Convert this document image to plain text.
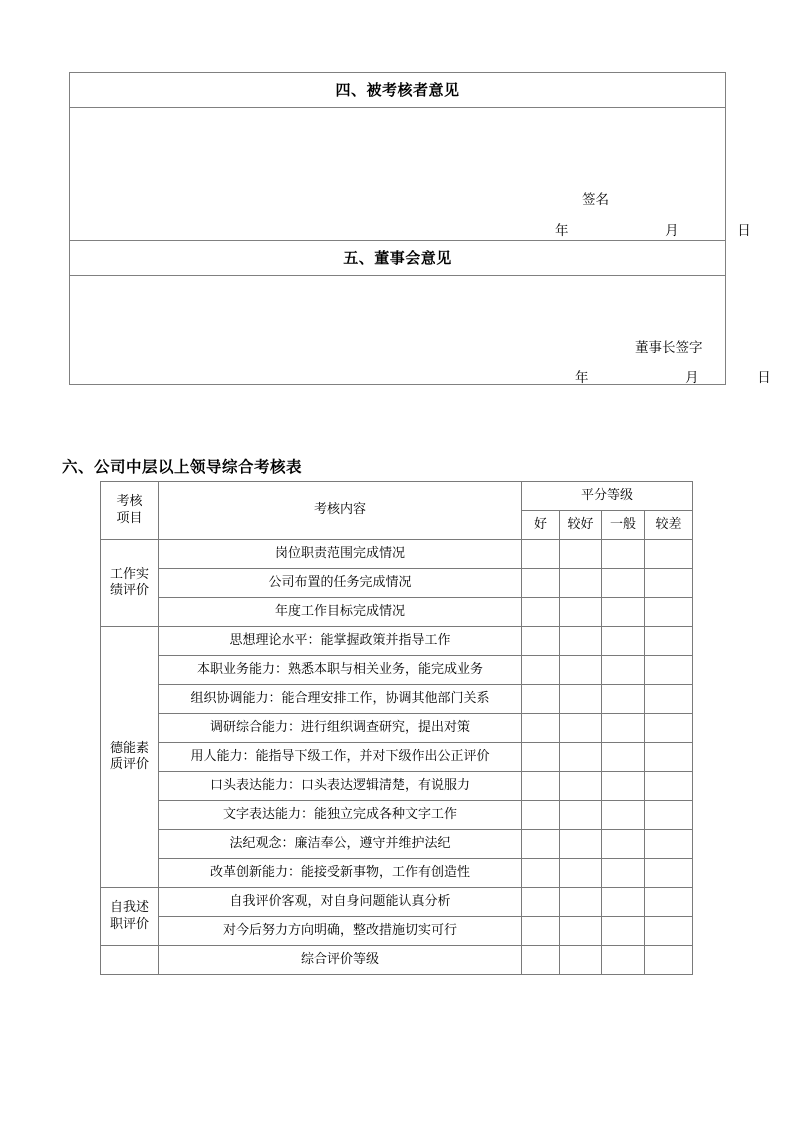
四、被考核者意见

签名
年	月	日

五、董事会意见

董事长签字
年	月	日
六、公司中层以上领导综合考核表
考核
项目	考核内容	平分等级			
		好	较好	一般	较差
工作实
绩评价	岗位职责范围完成情况				
	公司布置的任务完成情况				
	年度工作目标完成情况				
德能素
质评价	思想理论水平：能掌握政策并指导工作				
	本职业务能力：熟悉本职与相关业务，能完成业务				
	组织协调能力：能合理安排工作，协调其他部门关系				
	调研综合能力：进行组织调查研究，提出对策				
	用人能力：能指导下级工作，并对下级作出公正评价				
	口头表达能力：口头表达逻辑清楚，有说服力				
	文字表达能力：能独立完成各种文字工作				
	法纪观念：廉洁奉公，遵守并维护法纪				
	改革创新能力：能接受新事物，工作有创造性				
自我述
职评价	自我评价客观，对自身问题能认真分析				
	对今后努力方向明确，整改措施切实可行				
	综合评价等级				
